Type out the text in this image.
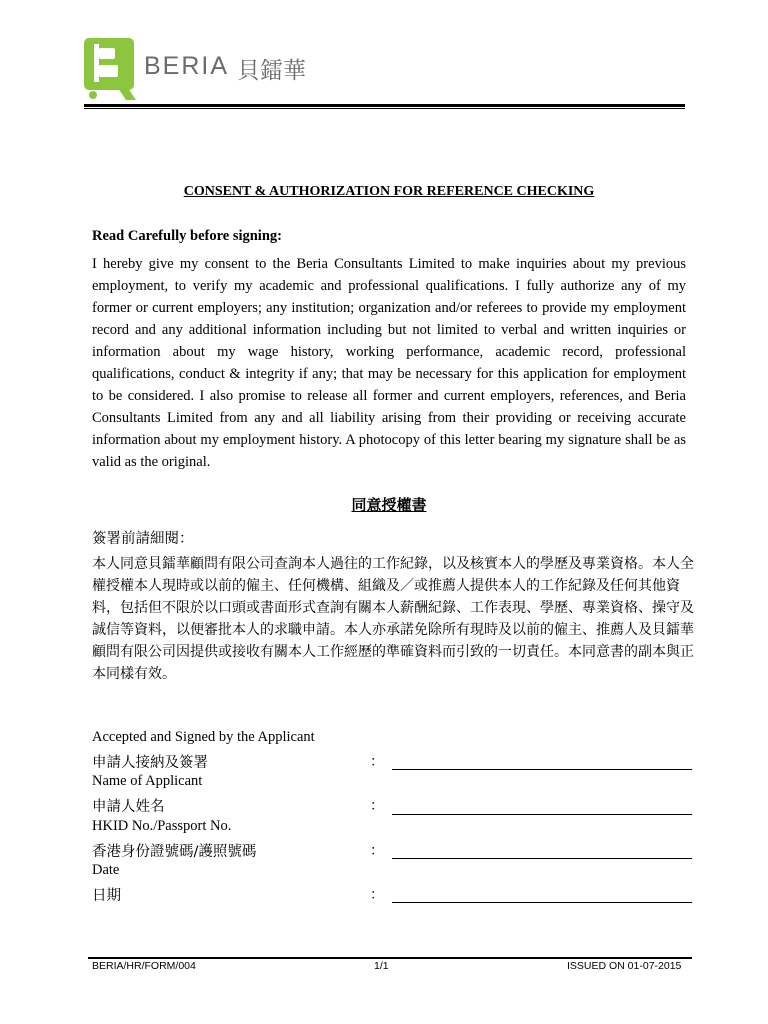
BERIA 貝鐳華
CONSENT & AUTHORIZATION FOR REFERENCE CHECKING
Read Carefully before signing:

I hereby give my consent to the Beria Consultants Limited to make inquiries about my previous employment, to verify my academic and professional qualifications. I fully authorize any of my former or current employers; any institution; organization and/or referees to provide my employment record and any additional information including but not limited to verbal and written inquiries or information about my wage history, working performance, academic record, professional qualifications, conduct & integrity if any; that may be necessary for this application for employment to be considered. I also promise to release all former and current employers, references, and Beria Consultants Limited from any and all liability arising from their providing or receiving accurate information about my employment history. A photocopy of this letter bearing my signature shall be as valid as the original.

同意授權書
簽署前請細閱：

本人同意貝鐳華顧問有限公司查詢本人過往的工作紀錄，以及核實本人的學歷及專業資格。本人全權授權本人現時或以前的僱主、任何機構、組織及／或推薦人提供本人的工作紀錄及任何其他資料，包括但不限於以口頭或書面形式查詢有關本人薪酬紀錄、工作表現、學歷、專業資格、操守及誠信等資料，以便審批本人的求職申請。本人亦承諾免除所有現時及以前的僱主、推薦人及貝鐳華顧問有限公司因提供或接收有關本人工作經歷的準確資料而引致的一切責任。本同意書的副本與正本同樣有效。

Accepted and Signed by the Applicant
申請人接納及簽署	：
Name of Applicant
申請人姓名	：
HKID No./Passport No.
香港身份證號碼/護照號碼	：
Date
日期	：
BERIA/HR/FORM/004	1/1	ISSUED ON 01-07-2015
